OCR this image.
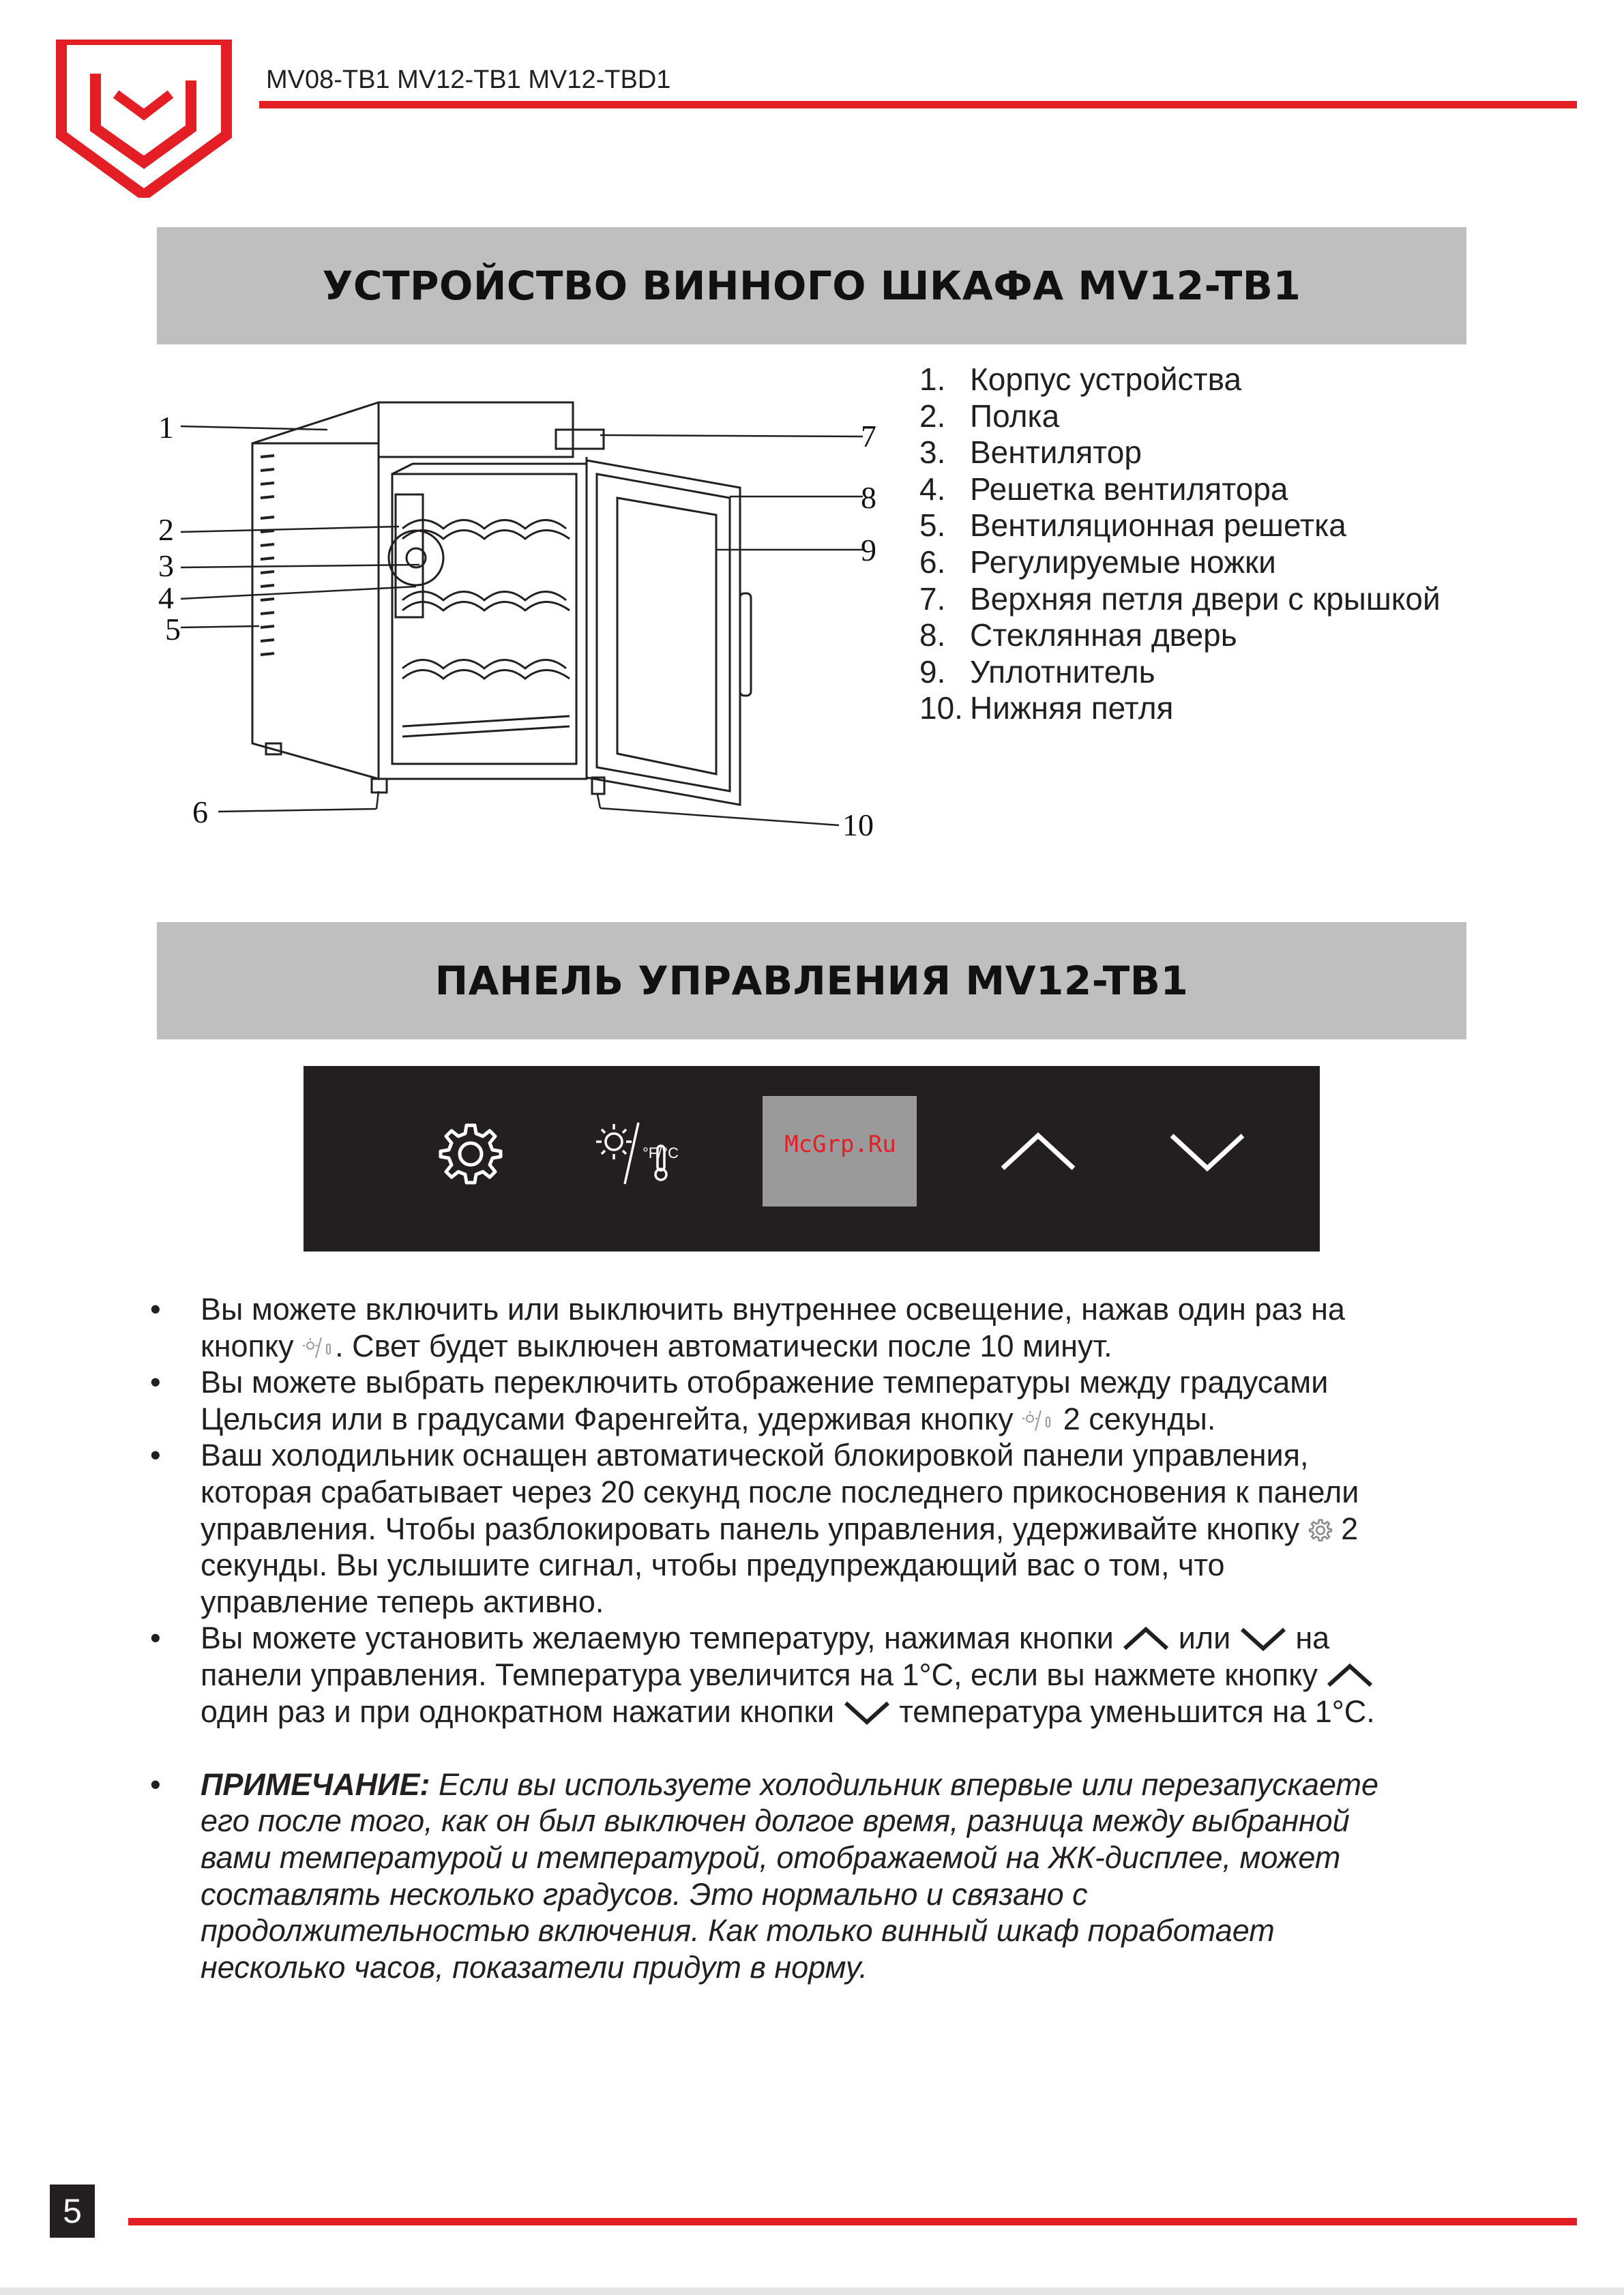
MV08-TB1 MV12-TB1 MV12-TBD1
УСТРОЙСТВО ВИННОГО ШКАФА MV12-TB1
1
2
3
4
5
6
7
8
9
10
1. Корпус устройства
2. Полка
3. Вентилятор
4. Решетка вентилятора
5. Вентиляционная решетка
6. Регулируемые ножки
7. Верхняя петля двери с крышкой
8. Стеклянная дверь
9. Уплотнитель
10. Нижняя петля
ПАНЕЛЬ УПРАВЛЕНИЯ MV12-TB1
°F/°C	McGrp.Ru
• Вы можете включить или выключить внутреннее освещение, нажав один раз на
кнопку . Свет будет выключен автоматически после 10 минут.
• Вы можете выбрать переключить отображение температуры между градусами
Цельсия или в градусами Фаренгейта, удерживая кнопку 2 секунды.
• Ваш холодильник оснащен автоматической блокировкой панели управления,
которая срабатывает через 20 секунд после последнего прикосновения к панели
управления. Чтобы разблокировать панель управления, удерживайте кнопку 2
секунды. Вы услышите сигнал, чтобы предупреждающий вас о том, что
управление теперь активно.
• Вы можете установить желаемую температуру, нажимая кнопки или на
панели управления. Температура увеличится на 1°C, если вы нажмете кнопку
один раз и при однократном нажатии кнопки температура уменьшится на 1°C.
• ПРИМЕЧАНИЕ: Если вы используете холодильник впервые или перезапускаете
его после того, как он был выключен долгое время, разница между выбранной
вами температурой и температурой, отображаемой на ЖК-дисплее, может
составлять несколько градусов. Это нормально и связано с
продолжительностью включения. Как только винный шкаф поработает
несколько часов, показатели придут в норму.
5
